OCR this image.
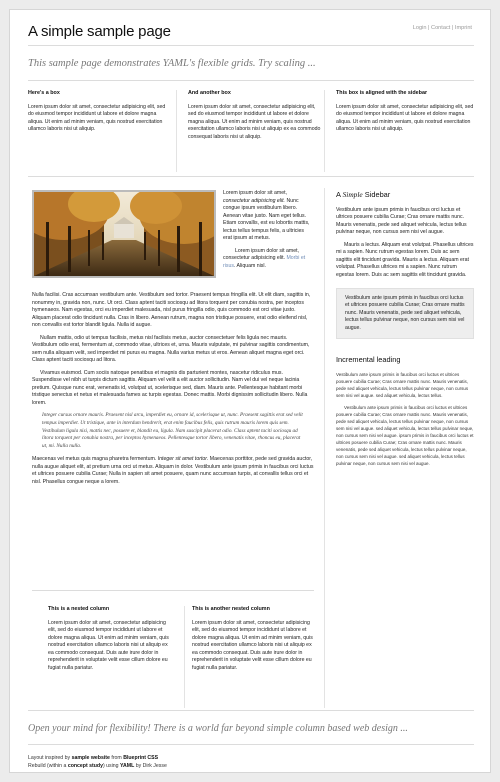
A simple sample page	Login | Contact | Imprint
This sample page demonstrates YAML's flexible grids. Try scaling ...
Here's a box

Lorem ipsum dolor sit amet, consectetur adipisicing elit, sed do eiusmod tempor incididunt ut labore et dolore magna aliqua. Ut enim ad minim veniam, quis nostrud exercitation ullamco laboris nisi ut aliquip.

And another box

Lorem ipsum dolor sit amet, consectetur adipisicing elit, sed do eiusmod tempor incididunt ut labore et dolore magna aliqua. Ut enim ad minim veniam, quis nostrud exercitation ullamco laboris nisi ut aliquip ex ea commodo consequat laboris nisi ut aliquip.

This box is aligned with the sidebar

Lorem ipsum dolor sit amet, consectetur adipisicing elit, sed do eiusmod tempor incididunt ut labore et dolore magna aliqua. Ut enim ad minim veniam, quis nostrud exercitation ullamco laboris nisi ut aliquip.

Lorem ipsum dolor sit amet, consectetur adipisicing elit. Nunc congue ipsum vestibulum libero. Aenean vitae justo. Nam eget tellus. Etiam convallis, est eu lobortis mattis, lectus tellus tempus felis, a ultricies erat ipsum at metus.

Lorem ipsum dolor sit amet, consectetur adipisicing elit. Morbi et risus. Aliquam nisl.

Nulla facilisi. Cras accumsan vestibulum ante. Vestibulum sed tortor. Praesent tempus fringilla elit. Ut elit diam, sagittis in, nonummy in, gravida non, nunc. Ut orci. Class aptent taciti sociosqu ad litora torquent per conubia nostra, per inceptos hymenaeos. Nam egestas, orci eu imperdiet malesuada, nisl purus fringilla odio, quis commodo est orci vitae justo. Aliquam placerat odio tincidunt nulla. Cras in libero. Aenean rutrum, magna non tristique posuere, erat odio eleifend nisl, non convallis est tortor blandit ligula. Nulla id augue.

Nullam mattis, odio ut tempus facilisis, metus nisl facilisis metus, auctor consectetuer felis ligula nec mauris. Vestibulum odio erat, fermentum at, commodo vitae, ultrices et, urna. Mauris vulputate, mi pulvinar sagittis condimentum, sem nulla aliquam velit, sed imperdiet mi purus eu magna. Nulla varius metus ut eros. Aenean aliquet magna eget orci. Class aptent taciti sociosqu ad litora.

Vivamus euismod. Cum sociis natoque penatibus et magnis dis parturient montes, nascetur ridiculus mus. Suspendisse vel nibh ut turpis dictum sagittis. Aliquam vel velit a elit auctor sollicitudin. Nam vel dui vel neque lacinia pretium. Quisque nunc erat, venenatis id, volutpat ut, scelerisque sed, diam. Mauris ante. Pellentesque habitant morbi tristique senectus et netus et malesuada fames ac turpis egestas. Donec mattis. Morbi dignissim sollicitudin libero. Nulla lorem.

Integer cursus ornare mauris. Praesent nisl arcu, imperdiet eu, ornare id, scelerisque ut, nunc. Praesent sagittis erat sed velit tempus imperdiet. Ut tristique, ante in interdum hendrerit, erat enim faucibus felis, quis rutrum mauris lorem quis sem. Vestibulum ligula nisi, mattis nec, posuere et, blandit eu, ligula. Nam suscipit placerat odio. Class aptent taciti sociosqu ad litora torquent per conubia nostra, per inceptos hymenaeos. Pellentesque tortor libero, venenatis vitae, rhoncus eu, placerat ut, mi. Nulla nulla.

Maecenas vel metus quis magna pharetra fermentum. Integer sit amet tortor. Maecenas porttitor, pede sed gravida auctor, nulla augue aliquet elit, at pretium urna orci ut metus. Aliquam in dolor. Vestibulum ante ipsum primis in faucibus orci luctus et ultrices posuere cubilia Curae; Nulla in sapien sit amet posuere, quam nunc accumsan turpis, at convallis tellus orci et nisl. Phasellus congue neque a lorem.

This is a nested column

Lorem ipsum dolor sit amet, consectetur adipisicing elit, sed do eiusmod tempor incididunt ut labore et dolore magna aliqua. Ut enim ad minim veniam, quis nostrud exercitation ullamco laboris nisi ut aliquip ex ea commodo consequat. Duis aute irure dolor in reprehenderit in voluptate velit esse cillum dolore eu fugiat nulla pariatur.

This is another nested column

Lorem ipsum dolor sit amet, consectetur adipisicing elit, sed do eiusmod tempor incididunt ut labore et dolore magna aliqua. Ut enim ad minim veniam, quis nostrud exercitation ullamco laboris nisi ut aliquip ex ea commodo consequat. Duis aute irure dolor in reprehenderit in voluptate velit esse cillum dolore eu fugiat nulla pariatur.

A Simple Sidebar

Vestibulum ante ipsum primis in faucibus orci luctus et ultrices posuere cubilia Curae; Cras ornare mattis nunc. Mauris venenatis, pede sed aliquet vehicula, lectus tellus pulvinar neque, non cursus sem nisi vel augue.

Mauris a lectus. Aliquam erat volutpat. Phasellus ultrices mi a sapien. Nunc rutrum egestas lorem. Duis ac sem sagittis elit tincidunt gravida. Mauris a lectus. Aliquam erat volutpat. Phasellus ultrices mi a sapien. Nunc rutrum egestas lorem. Duis ac sem sagittis elit tincidunt gravida.

Vestibulum ante ipsum primis in faucibus orci luctus et ultrices posuere cubilia Curae; Cras ornare mattis nunc. Mauris venenatis, pede sed aliquet vehicula, lectus tellus pulvinar neque, non cursus sem nisi vel augue.

Incremental leading

Vestibulum ante ipsum primis in faucibus orci luctus et ultrices posuere cubilia Curae; Cras ornare mattis nunc. Mauris venenatis, pede sed aliquet vehicula, lectus tellus pulvinar neque, non cursus sem nisi vel augue. sed aliquet vehicula, lectus tellus.

Vestibulum ante ipsum primis in faucibus orci luctus et ultrices posuere cubilia Curae; Cras ornare mattis nunc. Mauris venenatis, pede sed aliquet vehicula, lectus tellus pulvinar neque, non cursus sem nisi vel augue. sed aliquet vehicula, lectus tellus pulvinar neque, non cursus sem nisi vel augue. ipsum primis in faucibus orci luctus et ultrices posuere cubilia Curae; Cras ornare mattis nunc. Mauris venenatis, pede sed aliquet vehicula, lectus tellus pulvinar neque, non cursus sem nisi vel augue. sed aliquet vehicula, lectus tellus pulvinar neque, non cursus sem nisi vel augue.

Open your mind for flexibility! There is a world far beyond simple column based web design ...
Layout inspired by sample website from Blueprint CSS
Rebuild (within a concept study) using YAML by Dirk Jesse
